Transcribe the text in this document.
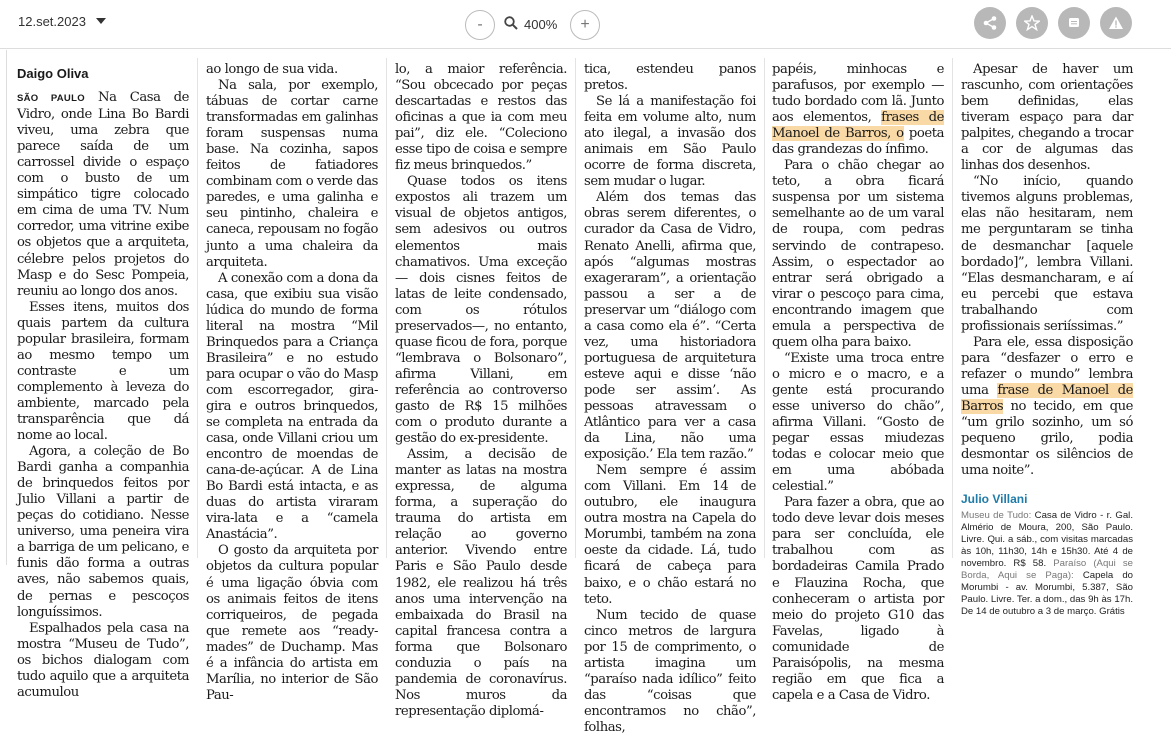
12.set.2023	-	400%	+
Daigo Oliva

SÃO PAULO Na Casa de Vidro, onde Lina Bo Bardi viveu, uma zebra que parece saída de um carrossel divide o espaço com o busto de um simpático tigre colocado em cima de uma TV. Num corredor, uma vitrine exibe os objetos que a arquiteta, célebre pelos projetos do Masp e do Sesc Pompeia, reuniu ao longo dos anos.

Esses itens, muitos dos quais partem da cultura popular brasileira, formam ao mesmo tempo um contraste e um complemento à leveza do ambiente, marcado pela transparência que dá nome ao local.

Agora, a coleção de Bo Bardi ganha a companhia de brinquedos feitos por Julio Villani a partir de peças do cotidiano. Nesse universo, uma peneira vira a barriga de um pelicano, e funis dão forma a outras aves, não sabemos quais, de pernas e pescoços longuíssimos.

Espalhados pela casa na mostra “Museu de Tudo”, os bichos dialogam com tudo aquilo que a arquiteta acumulou

ao longo de sua vida.

Na sala, por exemplo, tábuas de cortar carne transformadas em galinhas foram suspensas numa base. Na cozinha, sapos feitos de fatiadores combinam com o verde das paredes, e uma galinha e seu pintinho, chaleira e caneca, repousam no fogão junto a uma chaleira da arquiteta.

A conexão com a dona da casa, que exibiu sua visão lúdica do mundo de forma literal na mostra “Mil Brinquedos para a Criança Brasileira” e no estudo para ocupar o vão do Masp com escorregador, gira-gira e outros brinquedos, se completa na entrada da casa, onde Villani criou um encontro de moendas de cana-de-açúcar. A de Lina Bo Bardi está intacta, e as duas do artista viraram vira-lata e a “camela Anastácia”.

O gosto da arquiteta por objetos da cultura popular é uma ligação óbvia com os animais feitos de itens corriqueiros, de pegada que remete aos “ready-mades” de Duchamp. Mas é a infância do artista em Marília, no interior de São Pau-

lo, a maior referência. “Sou obcecado por peças descartadas e restos das oficinas a que ia com meu pai”, diz ele. “Coleciono esse tipo de coisa e sempre fiz meus brinquedos.”

Quase todos os itens expostos ali trazem um visual de objetos antigos, sem adesivos ou outros elementos mais chamativos. Uma exceção — dois cisnes feitos de latas de leite condensado, com os rótulos preservados—, no entanto, quase ficou de fora, porque “lembrava o Bolsonaro”, afirma Villani, em referência ao controverso gasto de R$ 15 milhões com o produto durante a gestão do ex-presidente.

Assim, a decisão de manter as latas na mostra expressa, de alguma forma, a superação do trauma do artista em relação ao governo anterior. Vivendo entre Paris e São Paulo desde 1982, ele realizou há três anos uma intervenção na embaixada do Brasil na capital francesa contra a forma que Bolsonaro conduzia o país na pandemia de coronavírus. Nos muros da representação diplomá-

tica, estendeu panos pretos.

Se lá a manifestação foi feita em volume alto, num ato ilegal, a invasão dos animais em São Paulo ocorre de forma discreta, sem mudar o lugar.

Além dos temas das obras serem diferentes, o curador da Casa de Vidro, Renato Anelli, afirma que, após “algumas mostras exageraram”, a orientação passou a ser a de preservar um “diálogo com a casa como ela é”. “Certa vez, uma historiadora portuguesa de arquitetura esteve aqui e disse ‘não pode ser assim’. As pessoas atravessam o Atlântico para ver a casa da Lina, não uma exposição.’ Ela tem razão.”

Nem sempre é assim com Villani. Em 14 de outubro, ele inaugura outra mostra na Capela do Morumbi, também na zona oeste da cidade. Lá, tudo ficará de cabeça para baixo, e o chão estará no teto.

Num tecido de quase cinco metros de largura por 15 de comprimento, o artista imagina um “paraíso nada idílico” feito das “coisas que encontramos no chão”, folhas,

papéis, minhocas e parafusos, por exemplo — tudo bordado com lã. Junto aos elementos, frases de Manoel de Barros, o poeta das grandezas do ínfimo.

Para o chão chegar ao teto, a obra ficará suspensa por um sistema semelhante ao de um varal de roupa, com pedras servindo de contrapeso. Assim, o espectador ao entrar será obrigado a virar o pescoço para cima, encontrando imagem que emula a perspectiva de quem olha para baixo.

“Existe uma troca entre o micro e o macro, e a gente está procurando esse universo do chão”, afirma Villani. “Gosto de pegar essas miudezas todas e colocar meio que em uma abóbada celestial.”

Para fazer a obra, que ao todo deve levar dois meses para ser concluída, ele trabalhou com as bordadeiras Camila Prado e Flauzina Rocha, que conheceram o artista por meio do projeto G10 das Favelas, ligado à comunidade de Paraisópolis, na mesma região em que fica a capela e a Casa de Vidro.

Apesar de haver um rascunho, com orientações bem definidas, elas tiveram espaço para dar palpites, chegando a trocar a cor de algumas das linhas dos desenhos.

“No início, quando tivemos alguns problemas, elas não hesitaram, nem me perguntaram se tinha de desmanchar [aquele bordado]”, lembra Villani. “Elas desmancharam, e aí eu percebi que estava trabalhando com profissionais seriíssimas.”

Para ele, essa disposição para “desfazer o erro e refazer o mundo” lembra uma frase de Manoel de Barros no tecido, em que “um grilo sozinho, um só pequeno grilo, podia desmontar os silêncios de uma noite”.

Julio Villani
Museu de Tudo: Casa de Vidro - r. Gal. Almério de Moura, 200, São Paulo. Livre. Qui. a sáb., com visitas marcadas às 10h, 11h30, 14h e 15h30. Até 4 de novembro. R$ 58. Paraíso (Aqui se Borda, Aqui se Paga): Capela do Morumbi - av. Morumbi, 5.387, São Paulo. Livre. Ter. a dom., das 9h às 17h. De 14 de outubro a 3 de março. Grátis
